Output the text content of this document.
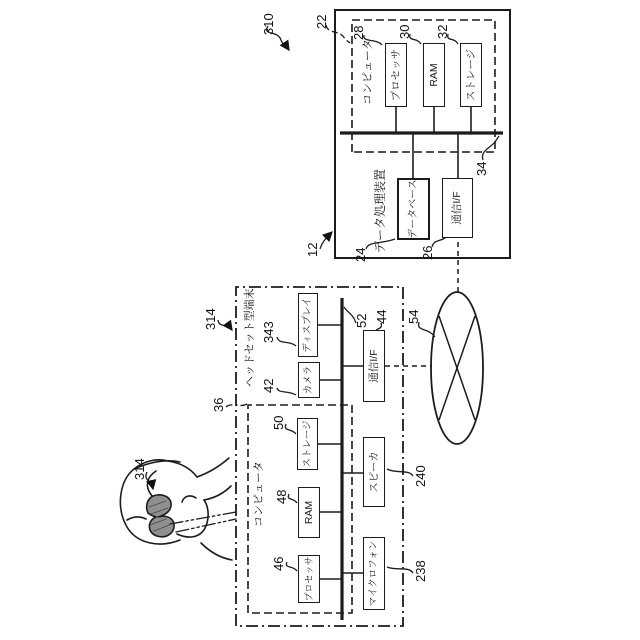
データ処理装置
コンピュータ	プロセッサ	RAM	ストレージ
データベース	通信I/F
310
12
22
28 30 32
34
24	26
54
ヘッドセット型端末
コンピュータ
プロセッサ
RAM
ストレージ
カメラ
ディスプレイ
通信I/F
スピーカ
マイクロフォン
314
36
46
48
50
42
343
52 44
240
238
314
